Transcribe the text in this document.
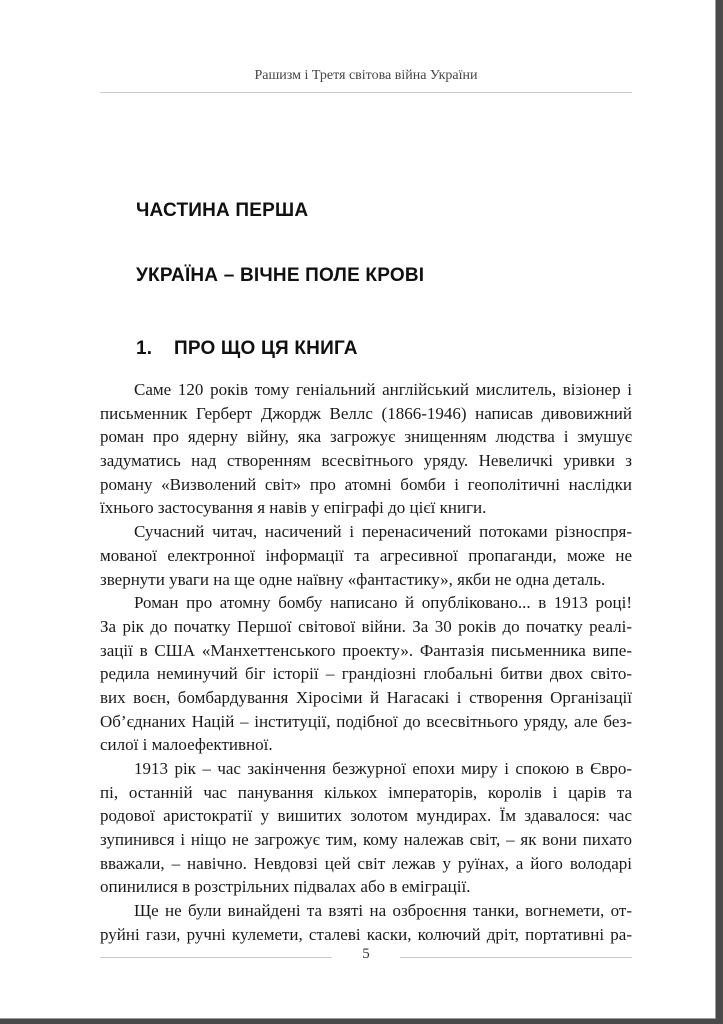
Рашизм і Третя світова війна України
ЧАСТИНА ПЕРША
УКРАЇНА – ВІЧНЕ ПОЛЕ КРОВІ
1. ПРО ЩО ЦЯ КНИГА
Саме 120 років тому геніальний англійський мислитель, візіонер і
письменник Герберт Джордж Веллс (1866-1946) написав дивовижний
роман про ядерну війну, яка загрожує знищенням людства і змушує
задуматись над створенням всесвітнього уряду. Невеличкі уривки з
роману «Визволений світ» про атомні бомби і геополітичні наслідки
їхнього застосування я навів у епіграфі до цієї книги.
Сучасний читач, насичений і перенасичений потоками різноспря-
мованої електронної інформації та агресивної пропаганди, може не
звернути уваги на ще одне наївну «фантастику», якби не одна деталь.
Роман про атомну бомбу написано й опубліковано... в 1913 році!
За рік до початку Першої світової війни. За 30 років до початку реалі-
зації в США «Манхеттенського проекту». Фантазія письменника випе-
редила неминучий біг історії – грандіозні глобальні битви двох світо-
вих воєн, бомбардування Хіросіми й Нагасакі і створення Організації
Об’єднаних Націй – інституції, подібної до всесвітнього уряду, але без-
силої і малоефективної.
1913 рік – час закінчення безжурної епохи миру і спокою в Євро-
пі, останній час панування кількох імператорів, королів і царів та
родової аристократії у вишитих золотом мундирах. Їм здавалося: час
зупинився і ніщо не загрожує тим, кому належав світ, – як вони пихато
вважали, – навічно. Невдовзі цей світ лежав у руїнах, а його володарі
опинилися в розстрільних підвалах або в еміграції.
Ще не були винайдені та взяті на озброєння танки, вогнемети, от-
руйні гази, ручні кулемети, сталеві каски, колючий дріт, портативні ра-
5
